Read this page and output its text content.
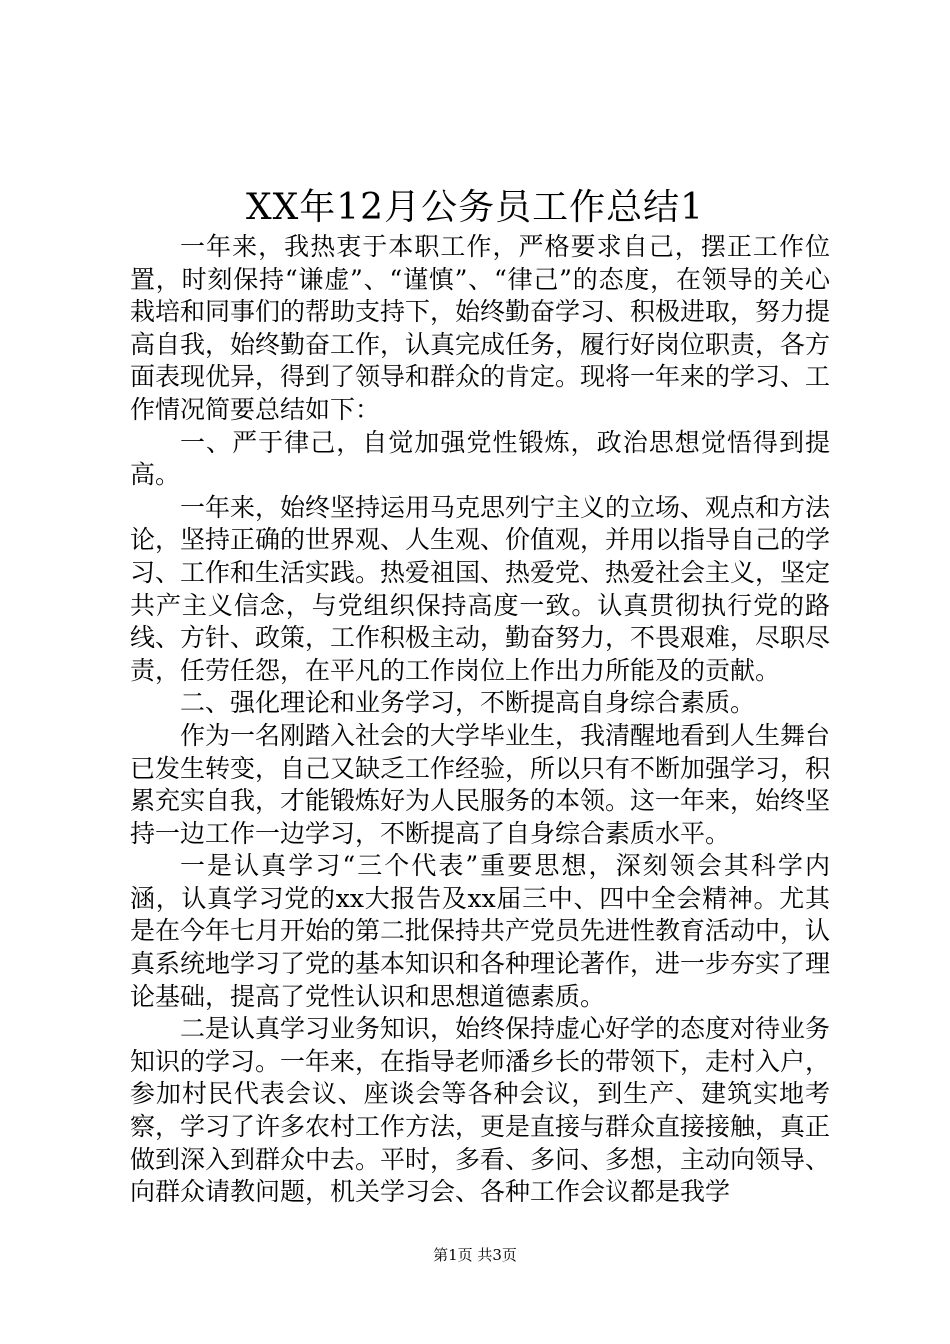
XX年12月公务员工作总结1

一年来，我热衷于本职工作，严格要求自己，摆正工作位置，时刻保持“谦虚”、“谨慎”、“律己”的态度，在领导的关心栽培和同事们的帮助支持下，始终勤奋学习、积极进取，努力提高自我，始终勤奋工作，认真完成任务，履行好岗位职责，各方面表现优异，得到了领导和群众的肯定。现将一年来的学习、工作情况简要总结如下：

一、严于律己，自觉加强党性锻炼，政治思想觉悟得到提高。

一年来，始终坚持运用马克思列宁主义的立场、观点和方法论，坚持正确的世界观、人生观、价值观，并用以指导自己的学习、工作和生活实践。热爱祖国、热爱党、热爱社会主义，坚定共产主义信念，与党组织保持高度一致。认真贯彻执行党的路线、方针、政策，工作积极主动，勤奋努力，不畏艰难，尽职尽责，任劳任怨，在平凡的工作岗位上作出力所能及的贡献。

二、强化理论和业务学习，不断提高自身综合素质。

作为一名刚踏入社会的大学毕业生，我清醒地看到人生舞台已发生转变，自己又缺乏工作经验，所以只有不断加强学习，积累充实自我，才能锻炼好为人民服务的本领。这一年来，始终坚持一边工作一边学习，不断提高了自身综合素质水平。

一是认真学习“三个代表”重要思想，深刻领会其科学内涵，认真学习党的xx大报告及xx届三中、四中全会精神。尤其是在今年七月开始的第二批保持共产党员先进性教育活动中，认真系统地学习了党的基本知识和各种理论著作，进一步夯实了理论基础，提高了党性认识和思想道德素质。

二是认真学习业务知识，始终保持虚心好学的态度对待业务知识的学习。一年来，在指导老师潘乡长的带领下，走村入户，参加村民代表会议、座谈会等各种会议，到生产、建筑实地考察，学习了许多农村工作方法，更是直接与群众直接接触，真正做到深入到群众中去。平时，多看、多问、多想，主动向领导、向群众请教问题，机关学习会、各种工作会议都是我学

第1页 共3页
